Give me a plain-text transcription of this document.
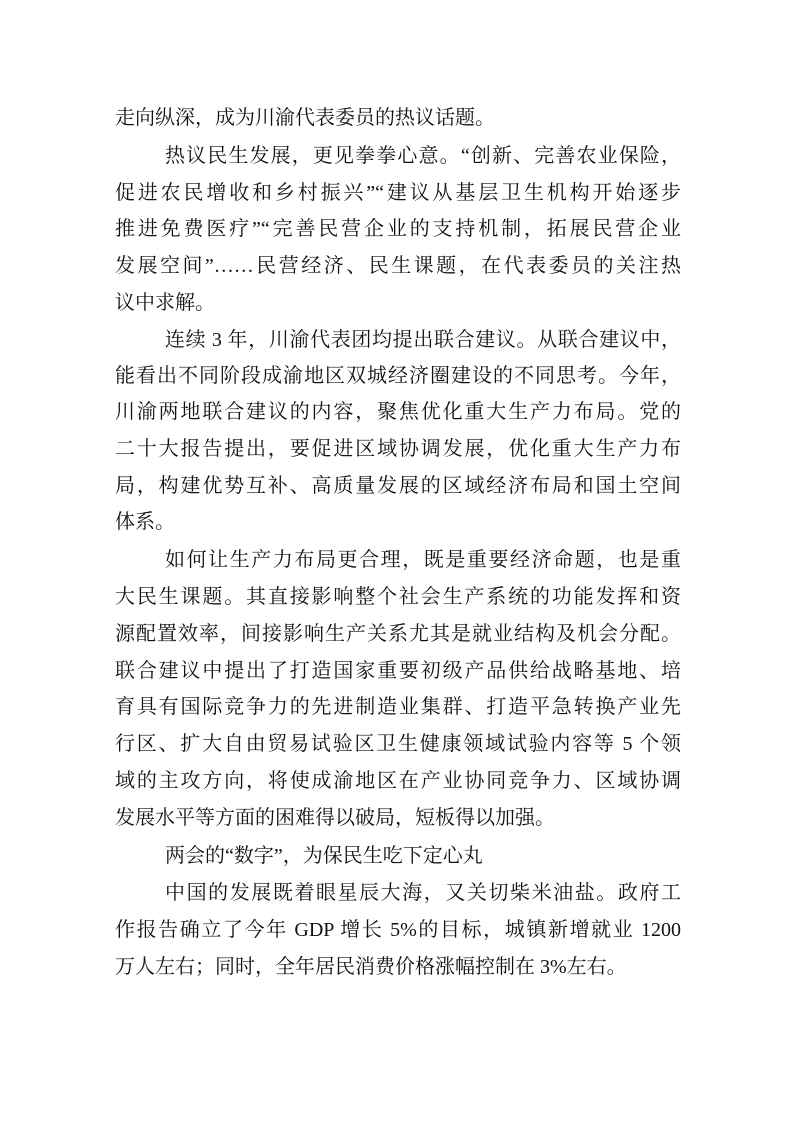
走向纵深，成为川渝代表委员的热议话题。
热议民生发展，更见拳拳心意。“创新、完善农业保险，
促进农民增收和乡村振兴”“建议从基层卫生机构开始逐步
推进免费医疗”“完善民营企业的支持机制，拓展民营企业
发展空间”……民营经济、民生课题，在代表委员的关注热
议中求解。
连续 3 年，川渝代表团均提出联合建议。从联合建议中，
能看出不同阶段成渝地区双城经济圈建设的不同思考。今年，
川渝两地联合建议的内容，聚焦优化重大生产力布局。党的
二十大报告提出，要促进区域协调发展，优化重大生产力布
局，构建优势互补、高质量发展的区域经济布局和国土空间
体系。
如何让生产力布局更合理，既是重要经济命题，也是重
大民生课题。其直接影响整个社会生产系统的功能发挥和资
源配置效率，间接影响生产关系尤其是就业结构及机会分配。
联合建议中提出了打造国家重要初级产品供给战略基地、培
育具有国际竞争力的先进制造业集群、打造平急转换产业先
行区、扩大自由贸易试验区卫生健康领域试验内容等 5 个领
域的主攻方向，将使成渝地区在产业协同竞争力、区域协调
发展水平等方面的困难得以破局，短板得以加强。
两会的“数字”，为保民生吃下定心丸
中国的发展既着眼星辰大海，又关切柴米油盐。政府工
作报告确立了今年 GDP 增长 5%的目标，城镇新增就业 1200
万人左右；同时，全年居民消费价格涨幅控制在 3%左右。
